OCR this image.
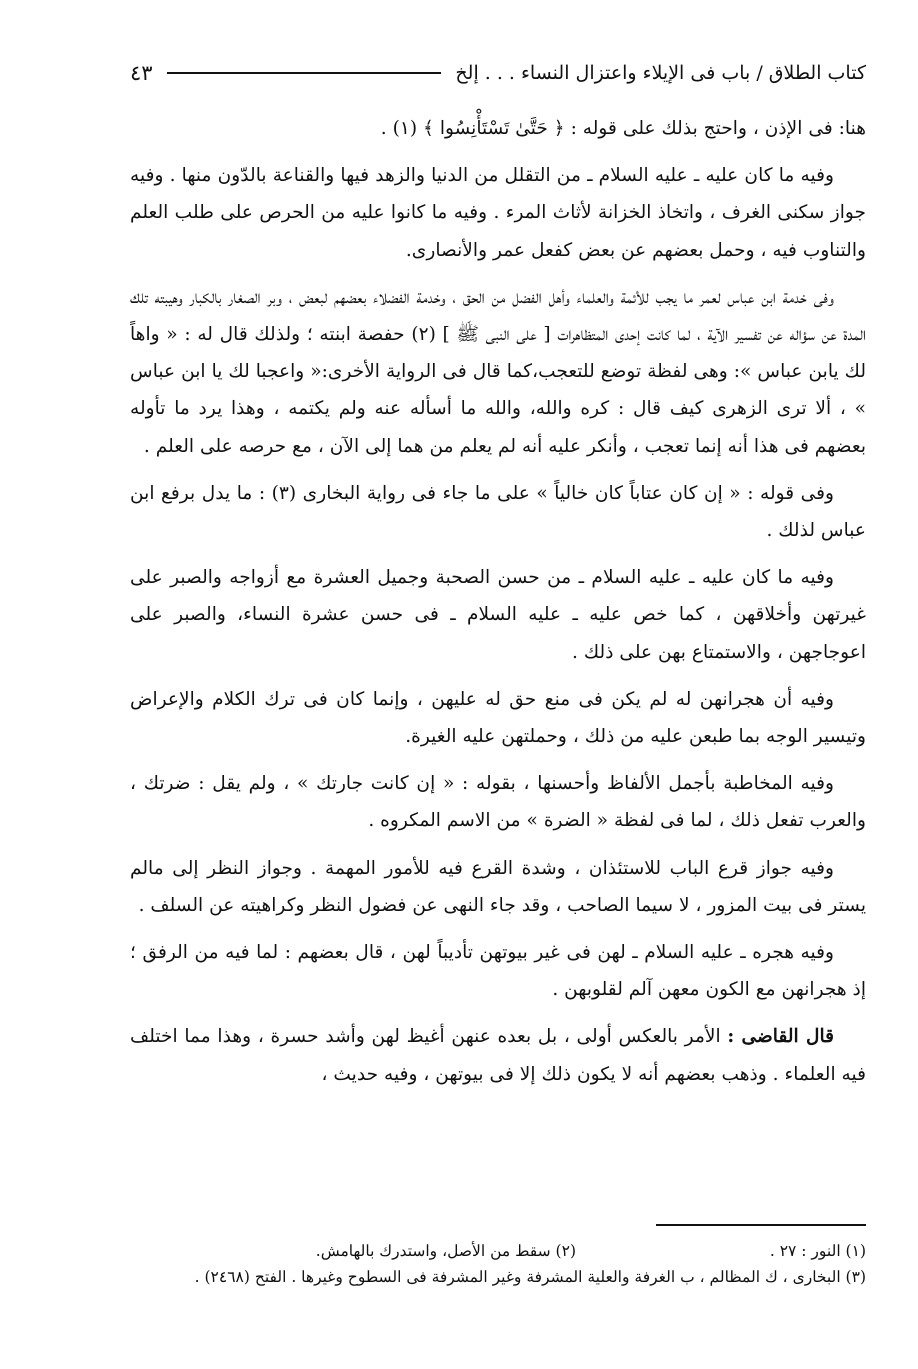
كتاب الطلاق / باب فى الإيلاء واعتزال النساء . . . إلخ
٤٣

هنا: فى الإذن ، واحتج بذلك على قوله : ﴿ حَتَّىٰ تَسْتَأْنِسُوا ﴾ (١) .

وفيه ما كان عليه ـ عليه السلام ـ من التقلل من الدنيا والزهد فيها والقناعة بالدّون منها . وفيه جواز سكنى الغرف ، واتخاذ الخزانة لأثاث المرء . وفيه ما كانوا عليه من الحرص على طلب العلم والتناوب فيه ، وحمل بعضهم عن بعض كفعل عمر والأنصارى.

وفى خدمة ابن عباس لعمر ما يجب للأئمة والعلماء وأهل الفضل من الحق ، وخدمة الفضلاء بعضهم لبعض ، وبر الصغار بالكبار وهيبته تلك المدة عن سؤاله عن تفسير الآية ، لما كانت إحدى المتظاهرات [ على النبى ﷺ ] (٢) حفصة ابنته ؛ ولذلك قال له : « واهاً لك يابن عباس »: وهى لفظة توضع للتعجب،كما قال فى الرواية الأخرى:« واعجبا لك يا ابن عباس » ، ألا ترى الزهرى كيف قال : كره والله، والله ما أسأله عنه ولم يكتمه ، وهذا يرد ما تأوله بعضهم فى هذا أنه إنما تعجب ، وأنكر عليه أنه لم يعلم من هما إلى الآن ، مع حرصه على العلم .

وفى قوله : « إن كان عتاباً كان خالياً » على ما جاء فى رواية البخارى (٣) : ما يدل برفع ابن عباس لذلك .

وفيه ما كان عليه ـ عليه السلام ـ من حسن الصحبة وجميل العشرة مع أزواجه والصبر على غيرتهن وأخلاقهن ، كما خص عليه ـ عليه السلام ـ فى حسن عشرة النساء، والصبر على اعوجاجهن ، والاستمتاع بهن على ذلك .

وفيه أن هجرانهن له لم يكن فى منع حق له عليهن ، وإنما كان فى ترك الكلام والإعراض وتيسير الوجه بما طبعن عليه من ذلك ، وحملتهن عليه الغيرة.

وفيه المخاطبة بأجمل الألفاظ وأحسنها ، بقوله : « إن كانت جارتك » ، ولم يقل : ضرتك ، والعرب تفعل ذلك ، لما فى لفظة « الضرة » من الاسم المكروه .

وفيه جواز قرع الباب للاستئذان ، وشدة القرع فيه للأمور المهمة . وجواز النظر إلى مالم يستر فى بيت المزور ، لا سيما الصاحب ، وقد جاء النهى عن فضول النظر وكراهيته عن السلف .

وفيه هجره ـ عليه السلام ـ لهن فى غير بيوتهن تأديباً لهن ، قال بعضهم : لما فيه من الرفق ؛ إذ هجرانهن مع الكون معهن آلم لقلوبهن .

قال القاضى : الأمر بالعكس أولى ، بل بعده عنهن أغيظ لهن وأشد حسرة ، وهذا مما اختلف فيه العلماء . وذهب بعضهم أنه لا يكون ذلك إلا فى بيوتهن ، وفيه حديث ،

(١) النور : ٢٧ .
(٢) سقط من الأصل، واستدرك بالهامش.
(٣) البخارى ، ك المظالم ، ب الغرفة والعلية المشرفة وغير المشرفة فى السطوح وغيرها . الفتح (٢٤٦٨) .
